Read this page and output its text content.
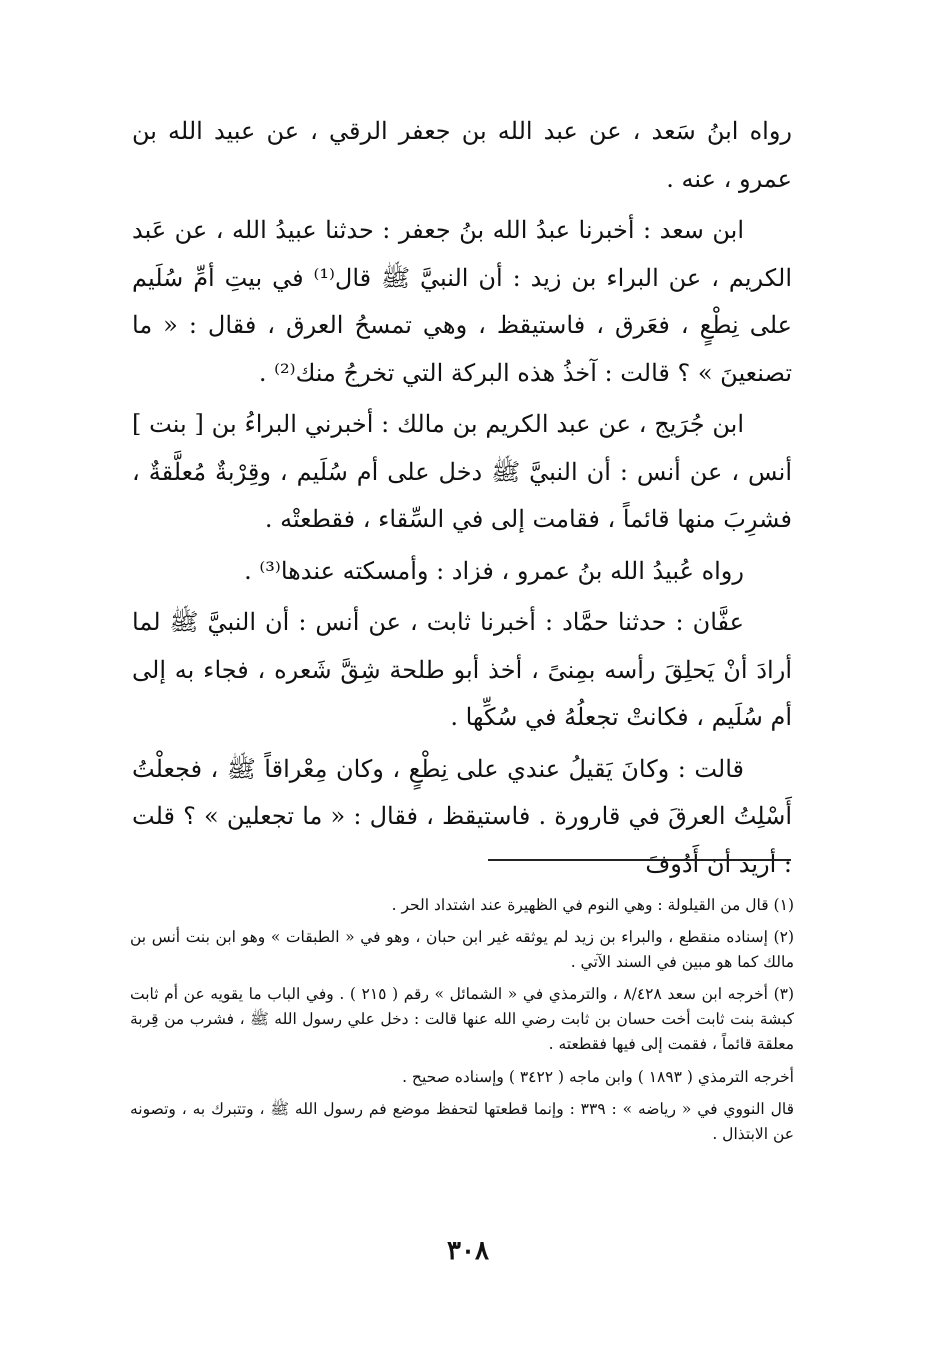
رواه ابنُ سَعد ، عن عبد الله بن جعفر الرقي ، عن عبيد الله بن عمرو ، عنه .

ابن سعد : أخبرنا عبدُ الله بنُ جعفر : حدثنا عبيدُ الله ، عن عَبد الكريم ، عن البراء بن زيد : أن النبيَّ ﷺ قال⁽¹⁾ في بيتِ أمِّ سُلَيم على نِطْعٍ ، فعَرق ، فاستيقظ ، وهي تمسحُ العرق ، فقال : « ما تصنعينَ » ؟ قالت : آخذُ هذه البركة التي تخرجُ منك⁽²⁾ .

ابن جُرَيج ، عن عبد الكريم بن مالك : أخبرني البراءُ بن [ بنت ] أنس ، عن أنس : أن النبيَّ ﷺ دخل على أم سُلَيم ، وقِرْبةٌ مُعلَّقةٌ ، فشرِبَ منها قائماً ، فقامت إلى في السِّقاء ، فقطعتْه .

رواه عُبيدُ الله بنُ عمرو ، فزاد : وأمسكته عندها⁽³⁾ .

عفَّان : حدثنا حمَّاد : أخبرنا ثابت ، عن أنس : أن النبيَّ ﷺ لما أرادَ أنْ يَحلِقَ رأسه بمِنىً ، أخذ أبو طلحة شِقَّ شَعره ، فجاء به إلى أم سُلَيم ، فكانتْ تجعلُهُ في سُكِّها .

قالت : وكانَ يَقيلُ عندي على نِطْعٍ ، وكان مِعْراقاً ﷺ ، فجعلْتُ أَسْلِتُ العرقَ في قارورة . فاستيقظ ، فقال : « ما تجعلين » ؟ قلت : أريد أن أَدُوفَ

(١) قال من القيلولة : وهي النوم في الظهيرة عند اشتداد الحر .

(٢) إسناده منقطع ، والبراء بن زيد لم يوثقه غير ابن حبان ، وهو في « الطبقات » وهو ابن بنت أنس بن مالك كما هو مبين في السند الآتي .

(٣) أخرجه ابن سعد ٨/٤٢٨ ، والترمذي في « الشمائل » رقم ( ٢١٥ ) . وفي الباب ما يقويه عن أم ثابت كبشة بنت ثابت أخت حسان بن ثابت رضي الله عنها قالت : دخل علي رسول الله ﷺ ، فشرب من قِربة معلقة قائماً ، فقمت إلى فيها فقطعته .

أخرجه الترمذي ( ١٨٩٣ ) وابن ماجه ( ٣٤٢٢ ) وإسناده صحيح .

قال النووي في « رياضه » : ٣٣٩ : وإنما قطعتها لتحفظ موضع فم رسول الله ﷺ ، وتتبرك به ، وتصونه عن الابتذال .

٣٠٨
